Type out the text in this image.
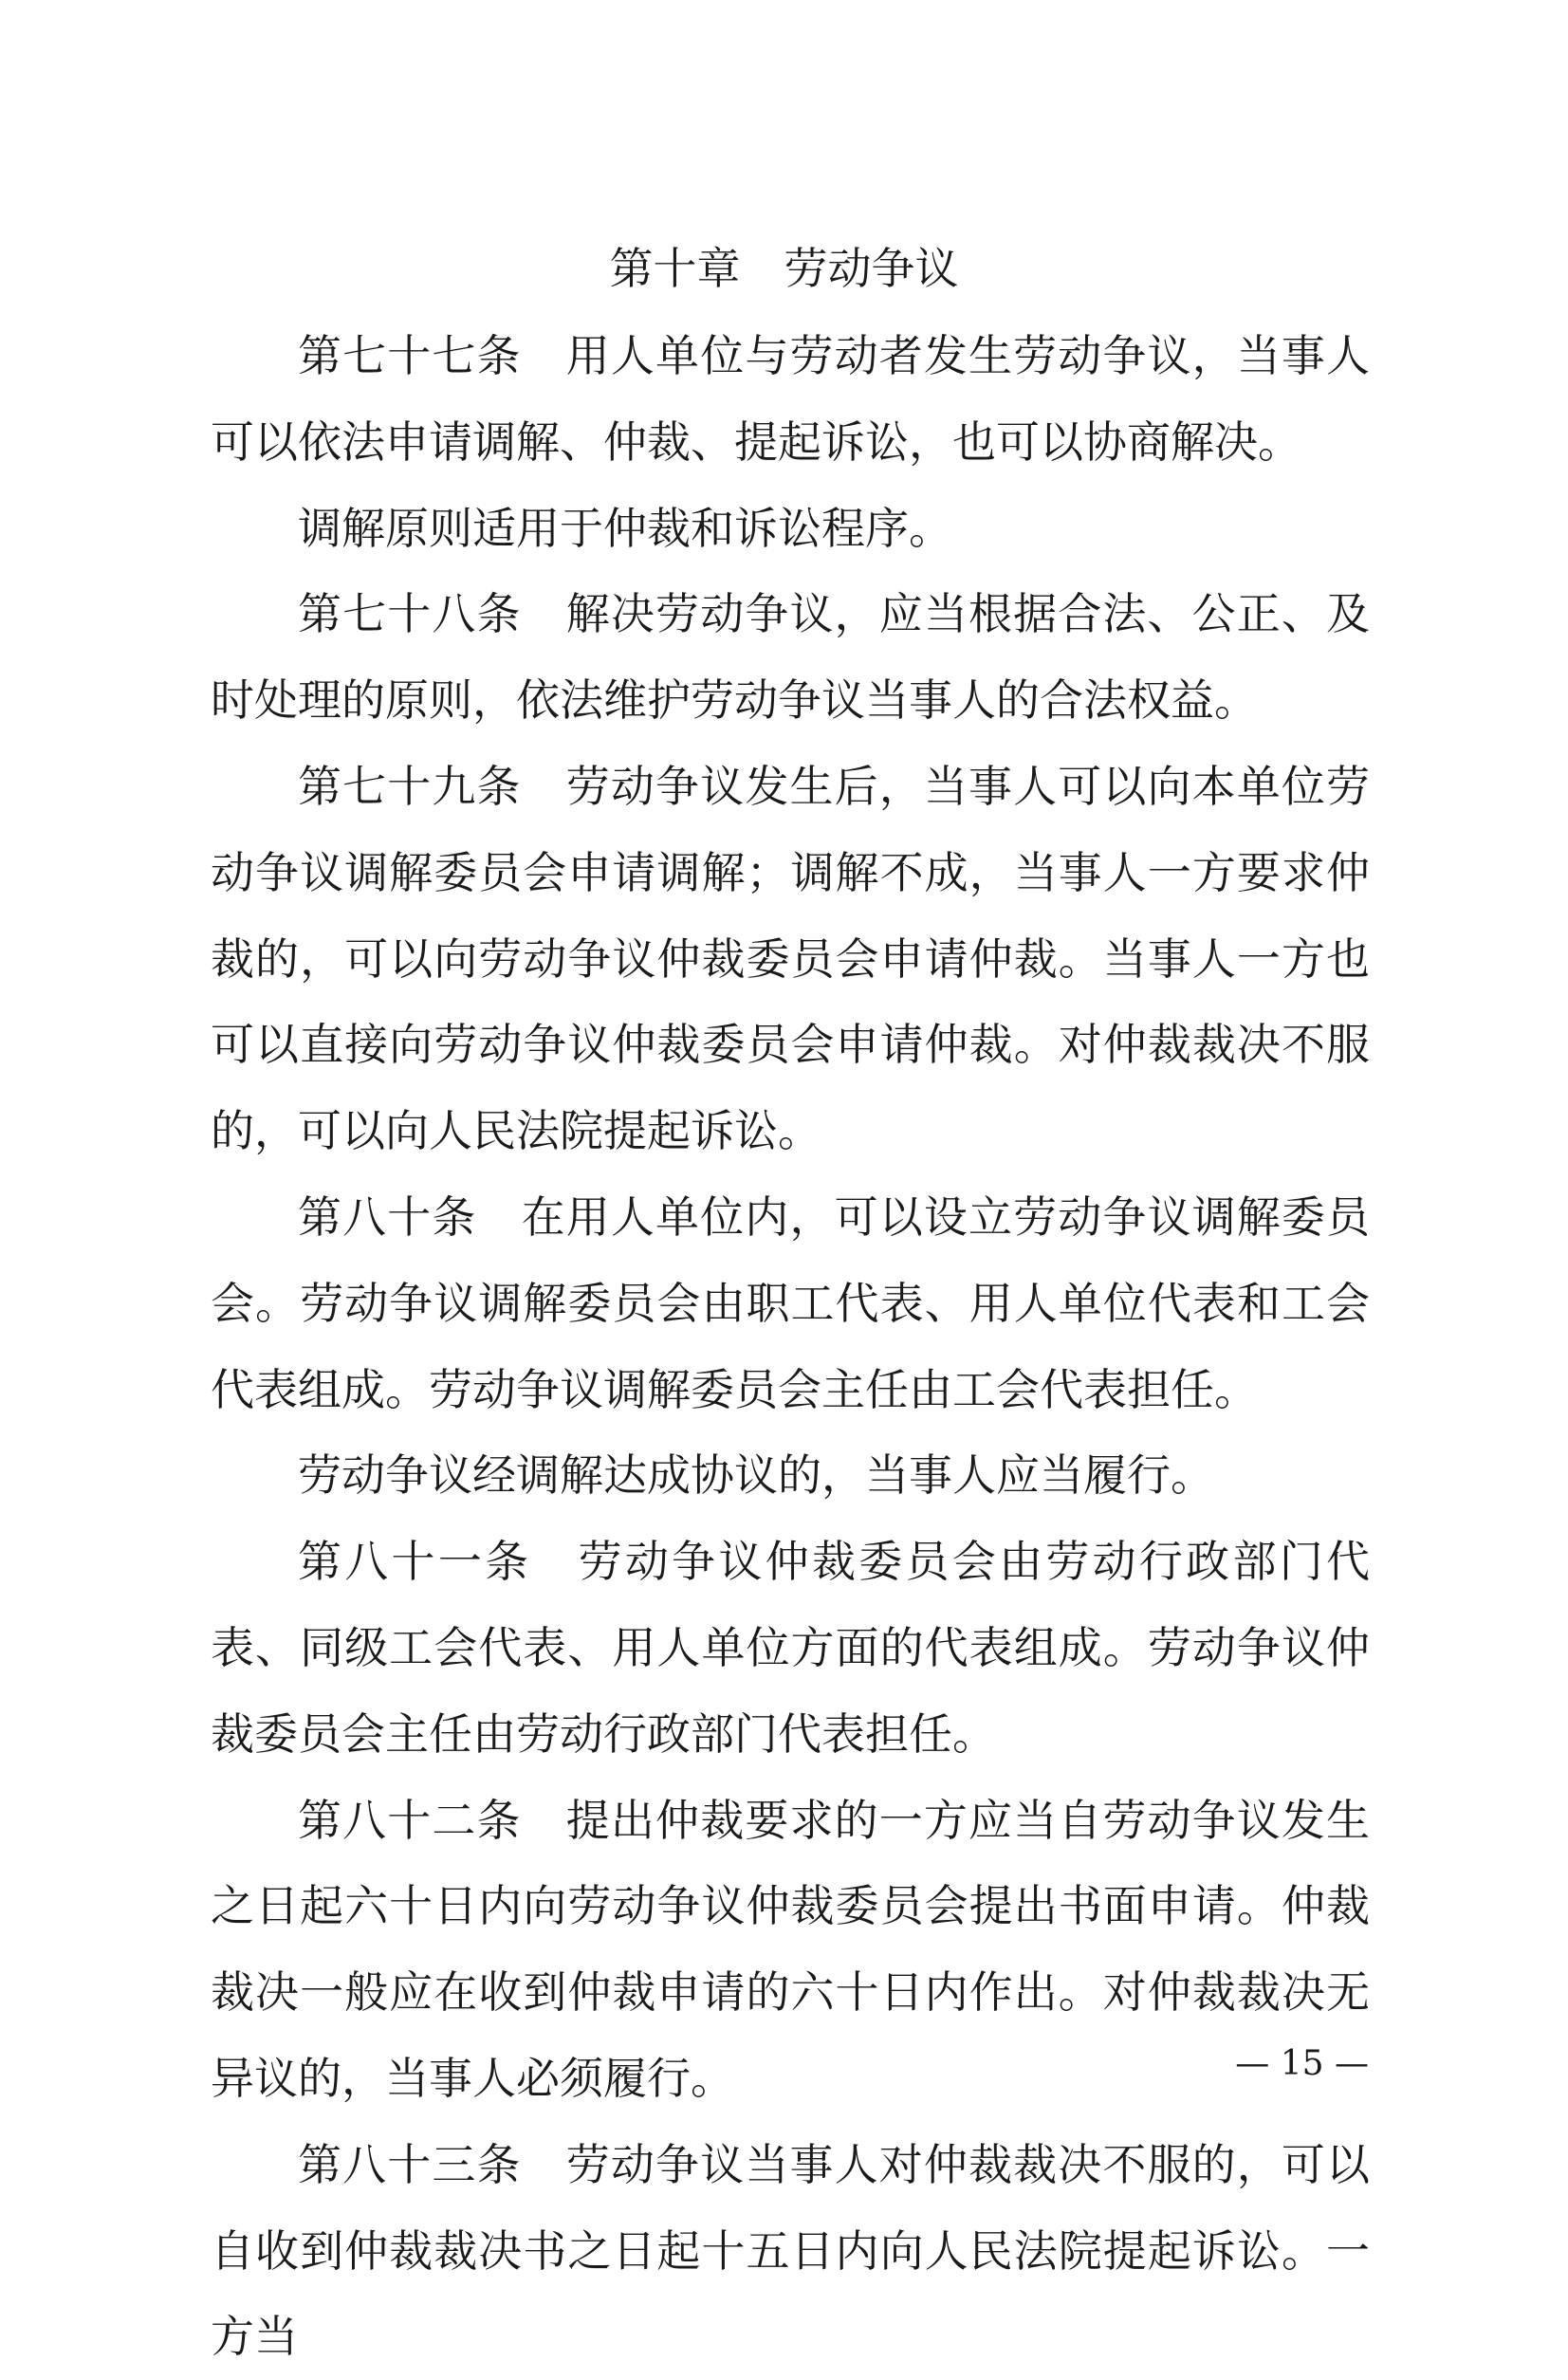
第十章　劳动争议

第七十七条　用人单位与劳动者发生劳动争议，当事人可以依法申请调解、仲裁、提起诉讼，也可以协商解决。

调解原则适用于仲裁和诉讼程序。

第七十八条　解决劳动争议，应当根据合法、公正、及时处理的原则，依法维护劳动争议当事人的合法权益。

第七十九条　劳动争议发生后，当事人可以向本单位劳动争议调解委员会申请调解；调解不成，当事人一方要求仲裁的，可以向劳动争议仲裁委员会申请仲裁。当事人一方也可以直接向劳动争议仲裁委员会申请仲裁。对仲裁裁决不服的，可以向人民法院提起诉讼。

第八十条　在用人单位内，可以设立劳动争议调解委员会。劳动争议调解委员会由职工代表、用人单位代表和工会代表组成。劳动争议调解委员会主任由工会代表担任。

劳动争议经调解达成协议的，当事人应当履行。

第八十一条　劳动争议仲裁委员会由劳动行政部门代表、同级工会代表、用人单位方面的代表组成。劳动争议仲裁委员会主任由劳动行政部门代表担任。

第八十二条　提出仲裁要求的一方应当自劳动争议发生之日起六十日内向劳动争议仲裁委员会提出书面申请。仲裁裁决一般应在收到仲裁申请的六十日内作出。对仲裁裁决无异议的，当事人必须履行。

第八十三条　劳动争议当事人对仲裁裁决不服的，可以自收到仲裁裁决书之日起十五日内向人民法院提起诉讼。一方当

— 15 —
